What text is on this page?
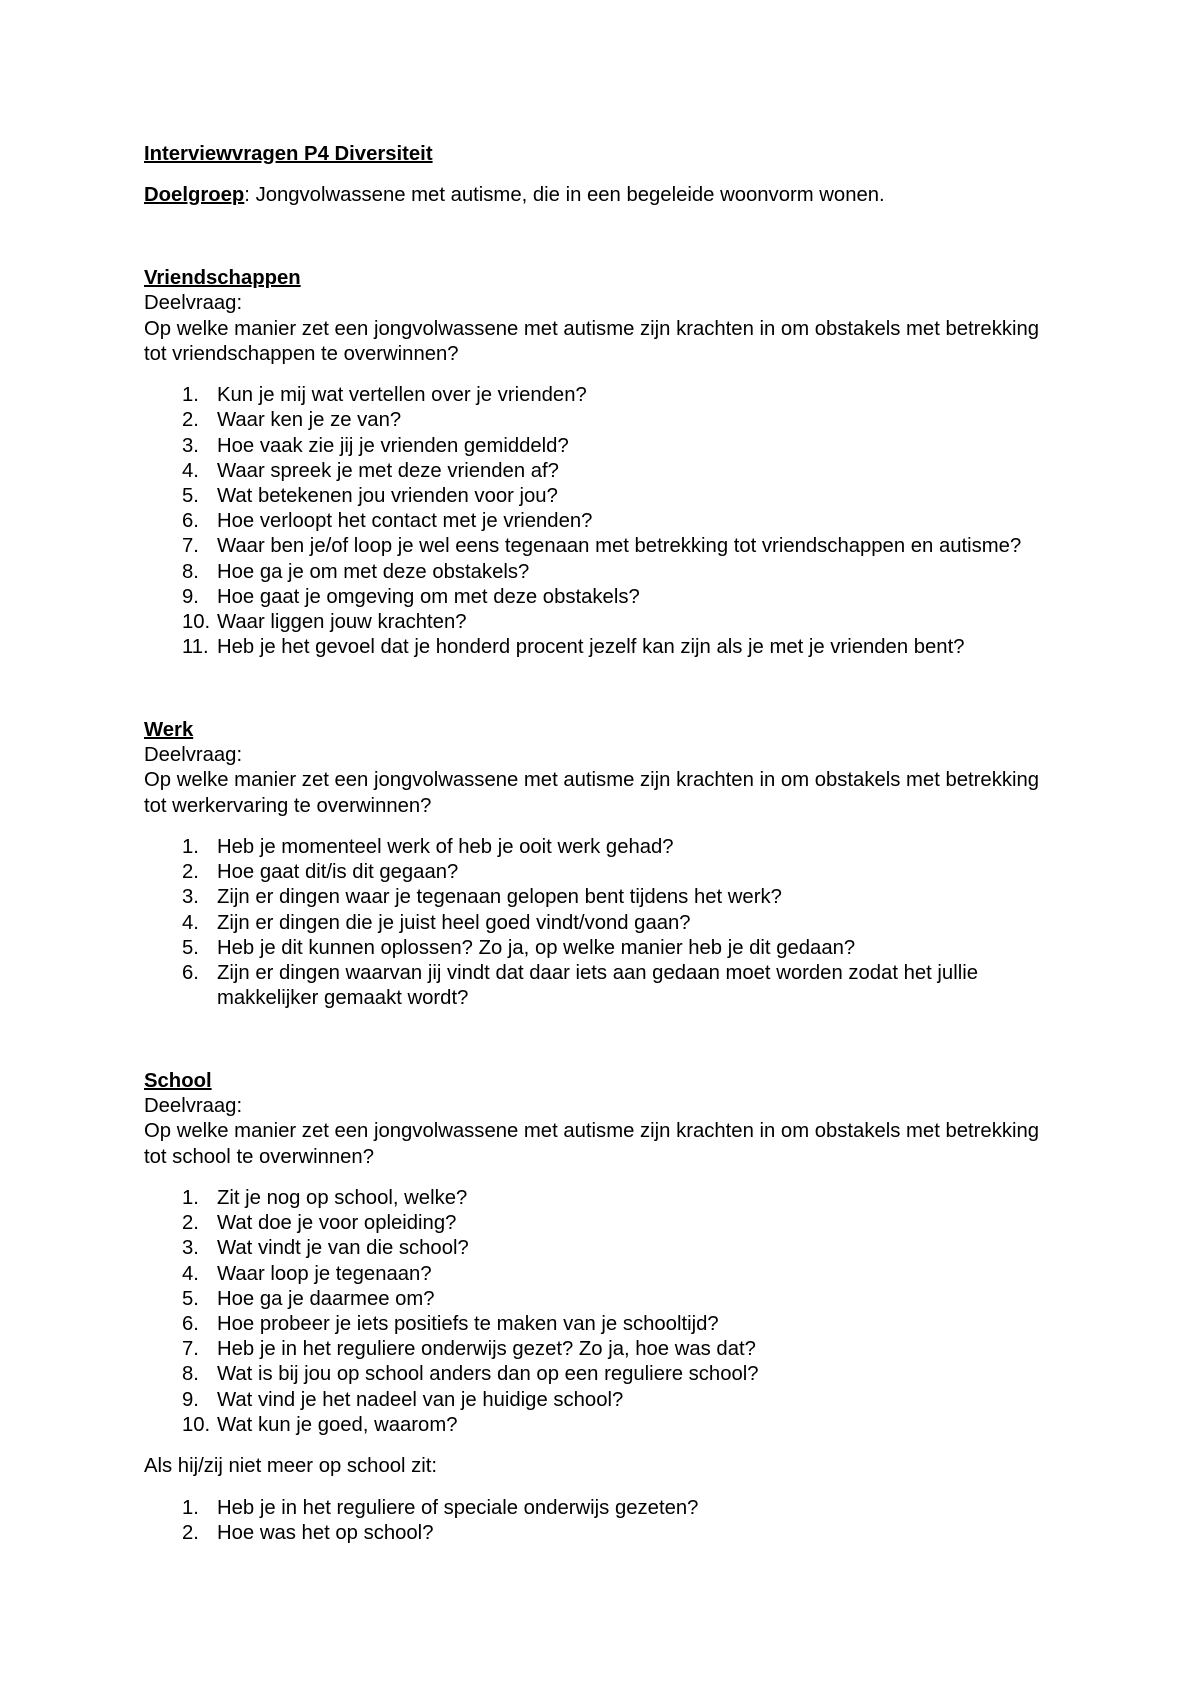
Interviewvragen P4 Diversiteit

Doelgroep: Jongvolwassene met autisme, die in een begeleide woonvorm wonen.

Vriendschappen
Deelvraag:
Op welke manier zet een jongvolwassene met autisme zijn krachten in om obstakels met betrekking tot vriendschappen te overwinnen?
1. Kun je mij wat vertellen over je vrienden?
2. Waar ken je ze van?
3. Hoe vaak zie jij je vrienden gemiddeld?
4. Waar spreek je met deze vrienden af?
5. Wat betekenen jou vrienden voor jou?
6. Hoe verloopt het contact met je vrienden?
7. Waar ben je/of loop je wel eens tegenaan met betrekking tot vriendschappen en autisme?
8. Hoe ga je om met deze obstakels?
9. Hoe gaat je omgeving om met deze obstakels?
10. Waar liggen jouw krachten?
11. Heb je het gevoel dat je honderd procent jezelf kan zijn als je met je vrienden bent?
Werk
Deelvraag:
Op welke manier zet een jongvolwassene met autisme zijn krachten in om obstakels met betrekking tot werkervaring te overwinnen?
1. Heb je momenteel werk of heb je ooit werk gehad?
2. Hoe gaat dit/is dit gegaan?
3. Zijn er dingen waar je tegenaan gelopen bent tijdens het werk?
4. Zijn er dingen die je juist heel goed vindt/vond gaan?
5. Heb je dit kunnen oplossen? Zo ja, op welke manier heb je dit gedaan?
6. Zijn er dingen waarvan jij vindt dat daar iets aan gedaan moet worden zodat het jullie makkelijker gemaakt wordt?
School
Deelvraag:
Op welke manier zet een jongvolwassene met autisme zijn krachten in om obstakels met betrekking tot school te overwinnen?
1. Zit je nog op school, welke?
2. Wat doe je voor opleiding?
3. Wat vindt je van die school?
4. Waar loop je tegenaan?
5. Hoe ga je daarmee om?
6. Hoe probeer je iets positiefs te maken van je schooltijd?
7. Heb je in het reguliere onderwijs gezet? Zo ja, hoe was dat?
8. Wat is bij jou op school anders dan op een reguliere school?
9. Wat vind je het nadeel van je huidige school?
10. Wat kun je goed, waarom?

Als hij/zij niet meer op school zit:

1. Heb je in het reguliere of speciale onderwijs gezeten?
2. Hoe was het op school?
